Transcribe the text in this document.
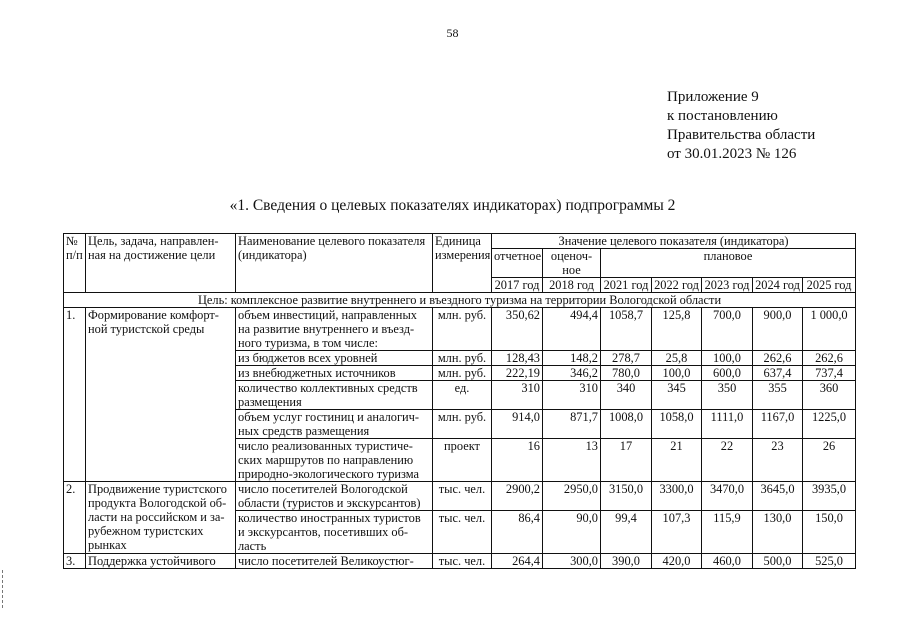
58
Приложение 9
к постановлению
Правительства области
от 30.01.2023 № 126
«1. Сведения о целевых показателях индикаторах) подпрограммы 2
№ п/п	Цель, задача, направлен-ная на достижение цели	Наименование целевого показателя (индикатора)	Единица измерения	Значение целевого показателя (индикатора)						
				отчетное	оценоч-ное	плановое				
				2017 год	2018 год	2021 год	2022 год	2023 год	2024 год	2025 год
Цель: комплексное развитие внутреннего и въездного туризма на территории Вологодской области										
1.	Формирование комфорт-ной туристской среды	объем инвестиций, направленных на развитие внутреннего и въезд-ного туризма, в том числе:	млн. руб.	350,62	494,4	1058,7	125,8	700,0	900,0	1 000,0
		из бюджетов всех уровней	млн. руб.	128,43	148,2	278,7	25,8	100,0	262,6	262,6
		из внебюджетных источников	млн. руб.	222,19	346,2	780,0	100,0	600,0	637,4	737,4
		количество коллективных средств размещения	ед.	310	310	340	345	350	355	360
		объем услуг гостиниц и аналогич-ных средств размещения	млн. руб.	914,0	871,7	1008,0	1058,0	1111,0	1167,0	1225,0
		число реализованных туристиче-ских маршрутов по направлению природно-экологического туризма	проект	16	13	17	21	22	23	26
2.	Продвижение туристского продукта Вологодской об-ласти на российском и за-рубежном туристских рынках	число посетителей Вологодской области (туристов и экскурсантов)	тыс. чел.	2900,2	2950,0	3150,0	3300,0	3470,0	3645,0	3935,0
		количество иностранных туристов и экскурсантов, посетивших об-ласть	тыс. чел.	86,4	90,0	99,4	107,3	115,9	130,0	150,0
3.	Поддержка устойчивого	число посетителей Великоустюг-	тыс. чел.	264,4	300,0	390,0	420,0	460,0	500,0	525,0
